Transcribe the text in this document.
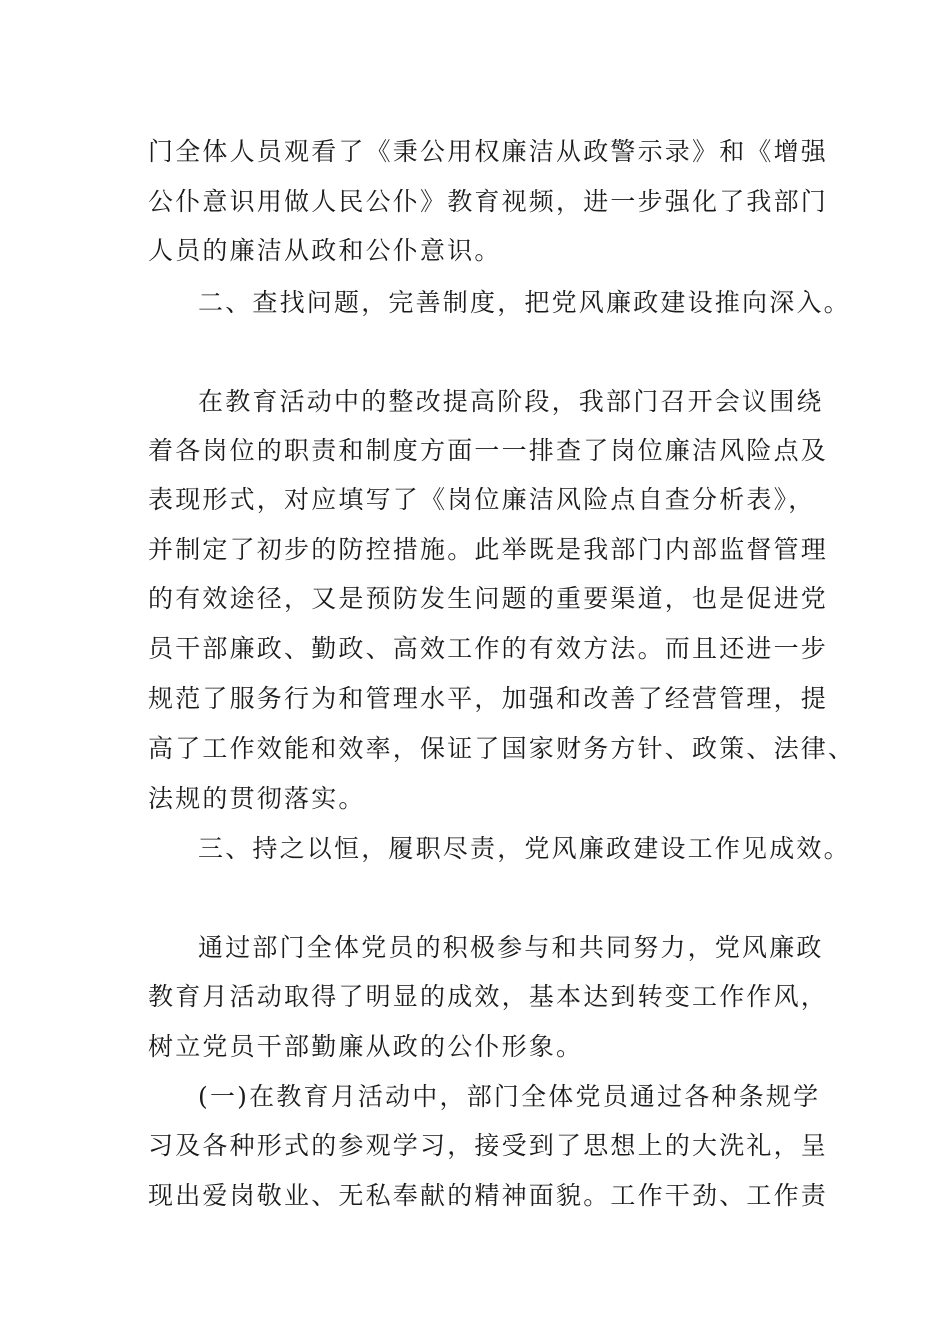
门全体人员观看了《秉公用权廉洁从政警示录》和《增强
公仆意识用做人民公仆》教育视频，进一步强化了我部门
人员的廉洁从政和公仆意识。
二、查找问题，完善制度，把党风廉政建设推向深入。
在教育活动中的整改提高阶段，我部门召开会议围绕
着各岗位的职责和制度方面一一排查了岗位廉洁风险点及
表现形式，对应填写了《岗位廉洁风险点自查分析表》，
并制定了初步的防控措施。此举既是我部门内部监督管理
的有效途径，又是预防发生问题的重要渠道，也是促进党
员干部廉政、勤政、高效工作的有效方法。而且还进一步
规范了服务行为和管理水平，加强和改善了经营管理，提
高了工作效能和效率，保证了国家财务方针、政策、法律、
法规的贯彻落实。
三、持之以恒，履职尽责，党风廉政建设工作见成效。
通过部门全体党员的积极参与和共同努力，党风廉政
教育月活动取得了明显的成效，基本达到转变工作作风，
树立党员干部勤廉从政的公仆形象。
(一)在教育月活动中，部门全体党员通过各种条规学
习及各种形式的参观学习，接受到了思想上的大洗礼，呈
现出爱岗敬业、无私奉献的精神面貌。工作干劲、工作责
